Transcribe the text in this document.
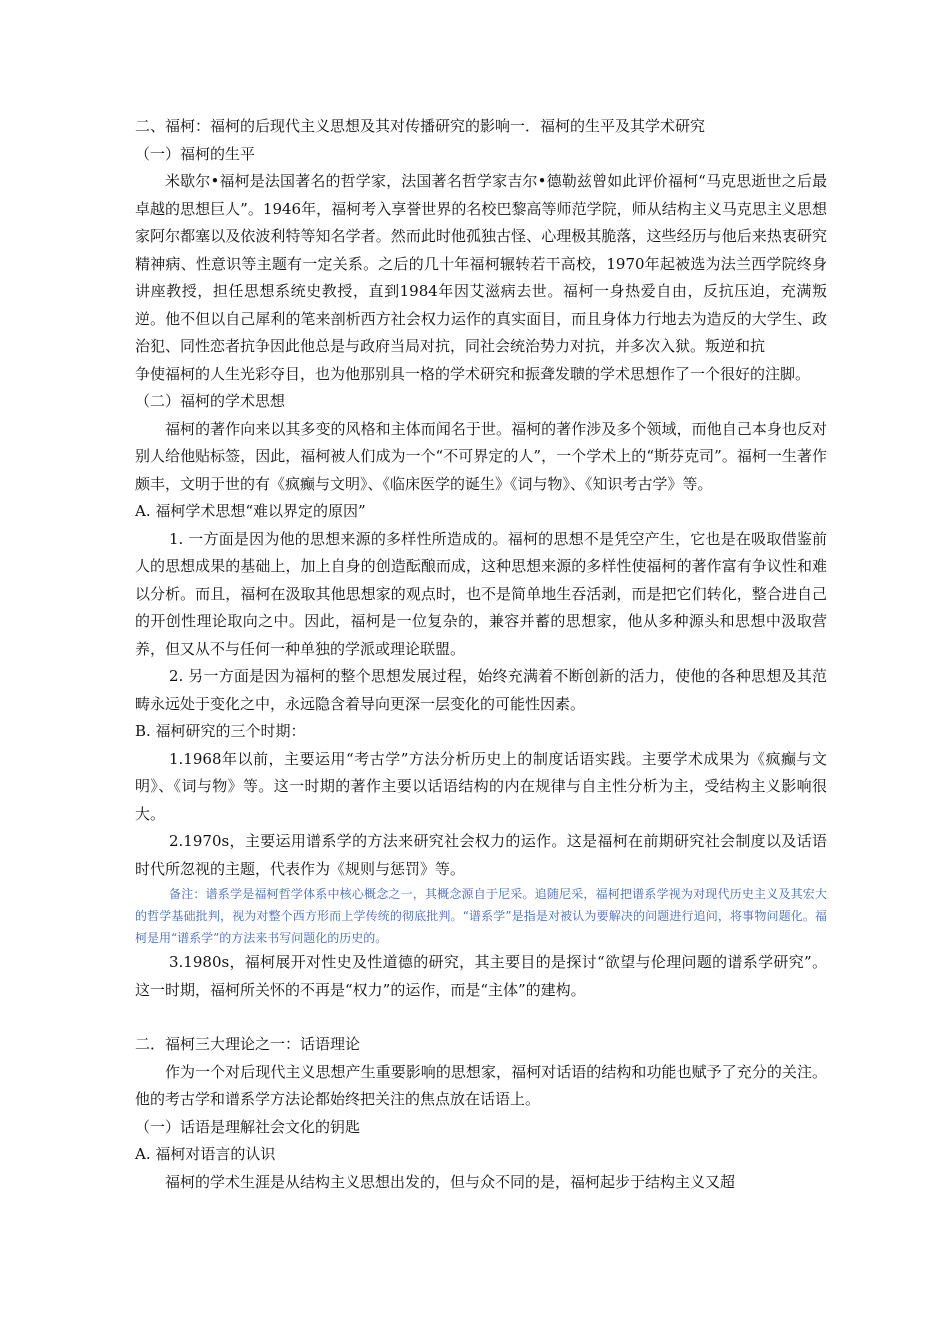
二、福柯：福柯的后现代主义思想及其对传播研究的影响一．福柯的生平及其学术研究

（一）福柯的生平

米歇尔•福柯是法国著名的哲学家，法国著名哲学家吉尔•德勒兹曾如此评价福柯“马克思逝世之后最卓越的思想巨人”。1946年，福柯考入享誉世界的名校巴黎高等师范学院，师从结构主义马克思主义思想家阿尔都塞以及依波利特等知名学者。然而此时他孤独古怪、心理极其脆落，这些经历与他后来热衷研究精神病、性意识等主题有一定关系。之后的几十年福柯辗转若干高校，1970年起被选为法兰西学院终身讲座教授，担任思想系统史教授，直到1984年因艾滋病去世。福柯一身热爱自由，反抗压迫，充满叛逆。他不但以自己犀利的笔来剖析西方社会权力运作的真实面目，而且身体力行地去为造反的大学生、政治犯、同性恋者抗争因此他总是与政府当局对抗，同社会统治势力对抗，并多次入狱。叛逆和抗

争使福柯的人生光彩夺目，也为他那别具一格的学术研究和振聋发聩的学术思想作了一个很好的注脚。

（二）福柯的学术思想

福柯的著作向来以其多变的风格和主体而闻名于世。福柯的著作涉及多个领域，而他自己本身也反对别人给他贴标签，因此，福柯被人们成为一个“不可界定的人”，一个学术上的“斯芬克司”。福柯一生著作颇丰，文明于世的有《疯癫与文明》、《临床医学的诞生》《词与物》、《知识考古学》等。

A. 福柯学术思想“难以界定的原因”

1. 一方面是因为他的思想来源的多样性所造成的。福柯的思想不是凭空产生，它也是在吸取借鉴前人的思想成果的基础上，加上自身的创造酝酿而成，这种思想来源的多样性使福柯的著作富有争议性和难以分析。而且，福柯在汲取其他思想家的观点时，也不是简单地生吞活剥，而是把它们转化，整合进自己的开创性理论取向之中。因此，福柯是一位复杂的，兼容并蓄的思想家，他从多种源头和思想中汲取营养，但又从不与任何一种单独的学派或理论联盟。

2. 另一方面是因为福柯的整个思想发展过程，始终充满着不断创新的活力，使他的各种思想及其范畴永远处于变化之中，永远隐含着导向更深一层变化的可能性因素。

B. 福柯研究的三个时期：

1.1968年以前，主要运用“考古学”方法分析历史上的制度话语实践。主要学术成果为《疯癫与文明》、《词与物》等。这一时期的著作主要以话语结构的内在规律与自主性分析为主，受结构主义影响很大。

2.1970s，主要运用谱系学的方法来研究社会权力的运作。这是福柯在前期研究社会制度以及话语时代所忽视的主题，代表作为《规则与惩罚》等。

备注：谱系学是福柯哲学体系中核心概念之一，其概念源自于尼采。追随尼采，福柯把谱系学视为对现代历史主义及其宏大的哲学基础批判，视为对整个西方形而上学传统的彻底批判。“谱系学”是指是对被认为要解决的问题进行追问，将事物问题化。福柯是用“谱系学”的方法来书写问题化的历史的。

3.1980s，福柯展开对性史及性道德的研究，其主要目的是探讨“欲望与伦理问题的谱系学研究”。这一时期，福柯所关怀的不再是“权力”的运作，而是“主体”的建构。

二．福柯三大理论之一：话语理论

作为一个对后现代主义思想产生重要影响的思想家，福柯对话语的结构和功能也赋予了充分的关注。他的考古学和谱系学方法论都始终把关注的焦点放在话语上。

（一）话语是理解社会文化的钥匙

A. 福柯对语言的认识

福柯的学术生涯是从结构主义思想出发的，但与众不同的是，福柯起步于结构主义又超
